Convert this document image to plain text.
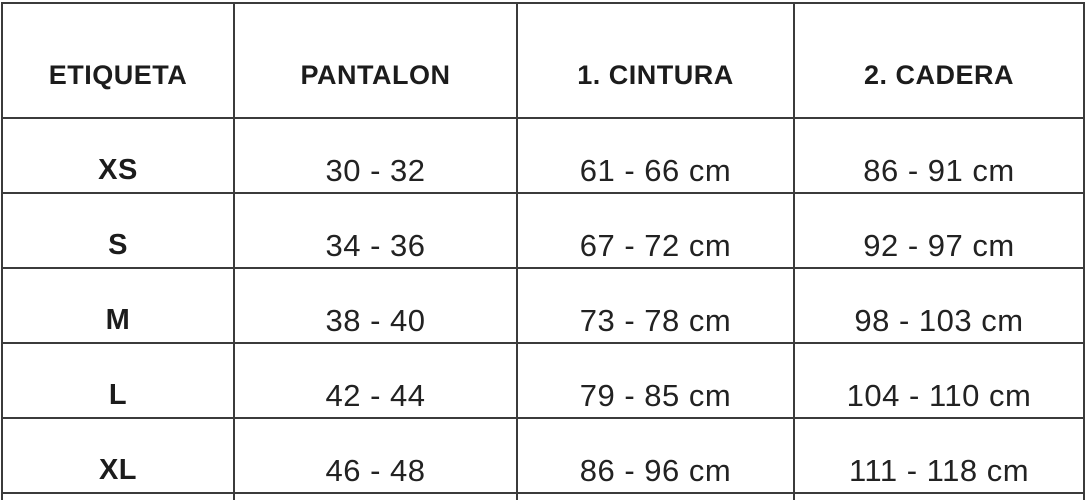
ETIQUETA	PANTALON	1. CINTURA	2. CADERA
XS	30 - 32	61 - 66 cm	86 - 91 cm
S	34 - 36	67 - 72 cm	92 - 97 cm
M	38 - 40	73 - 78 cm	98 - 103 cm
L	42 - 44	79 - 85 cm	104 - 110 cm
XL	46 - 48	86 - 96 cm	111 - 118 cm
